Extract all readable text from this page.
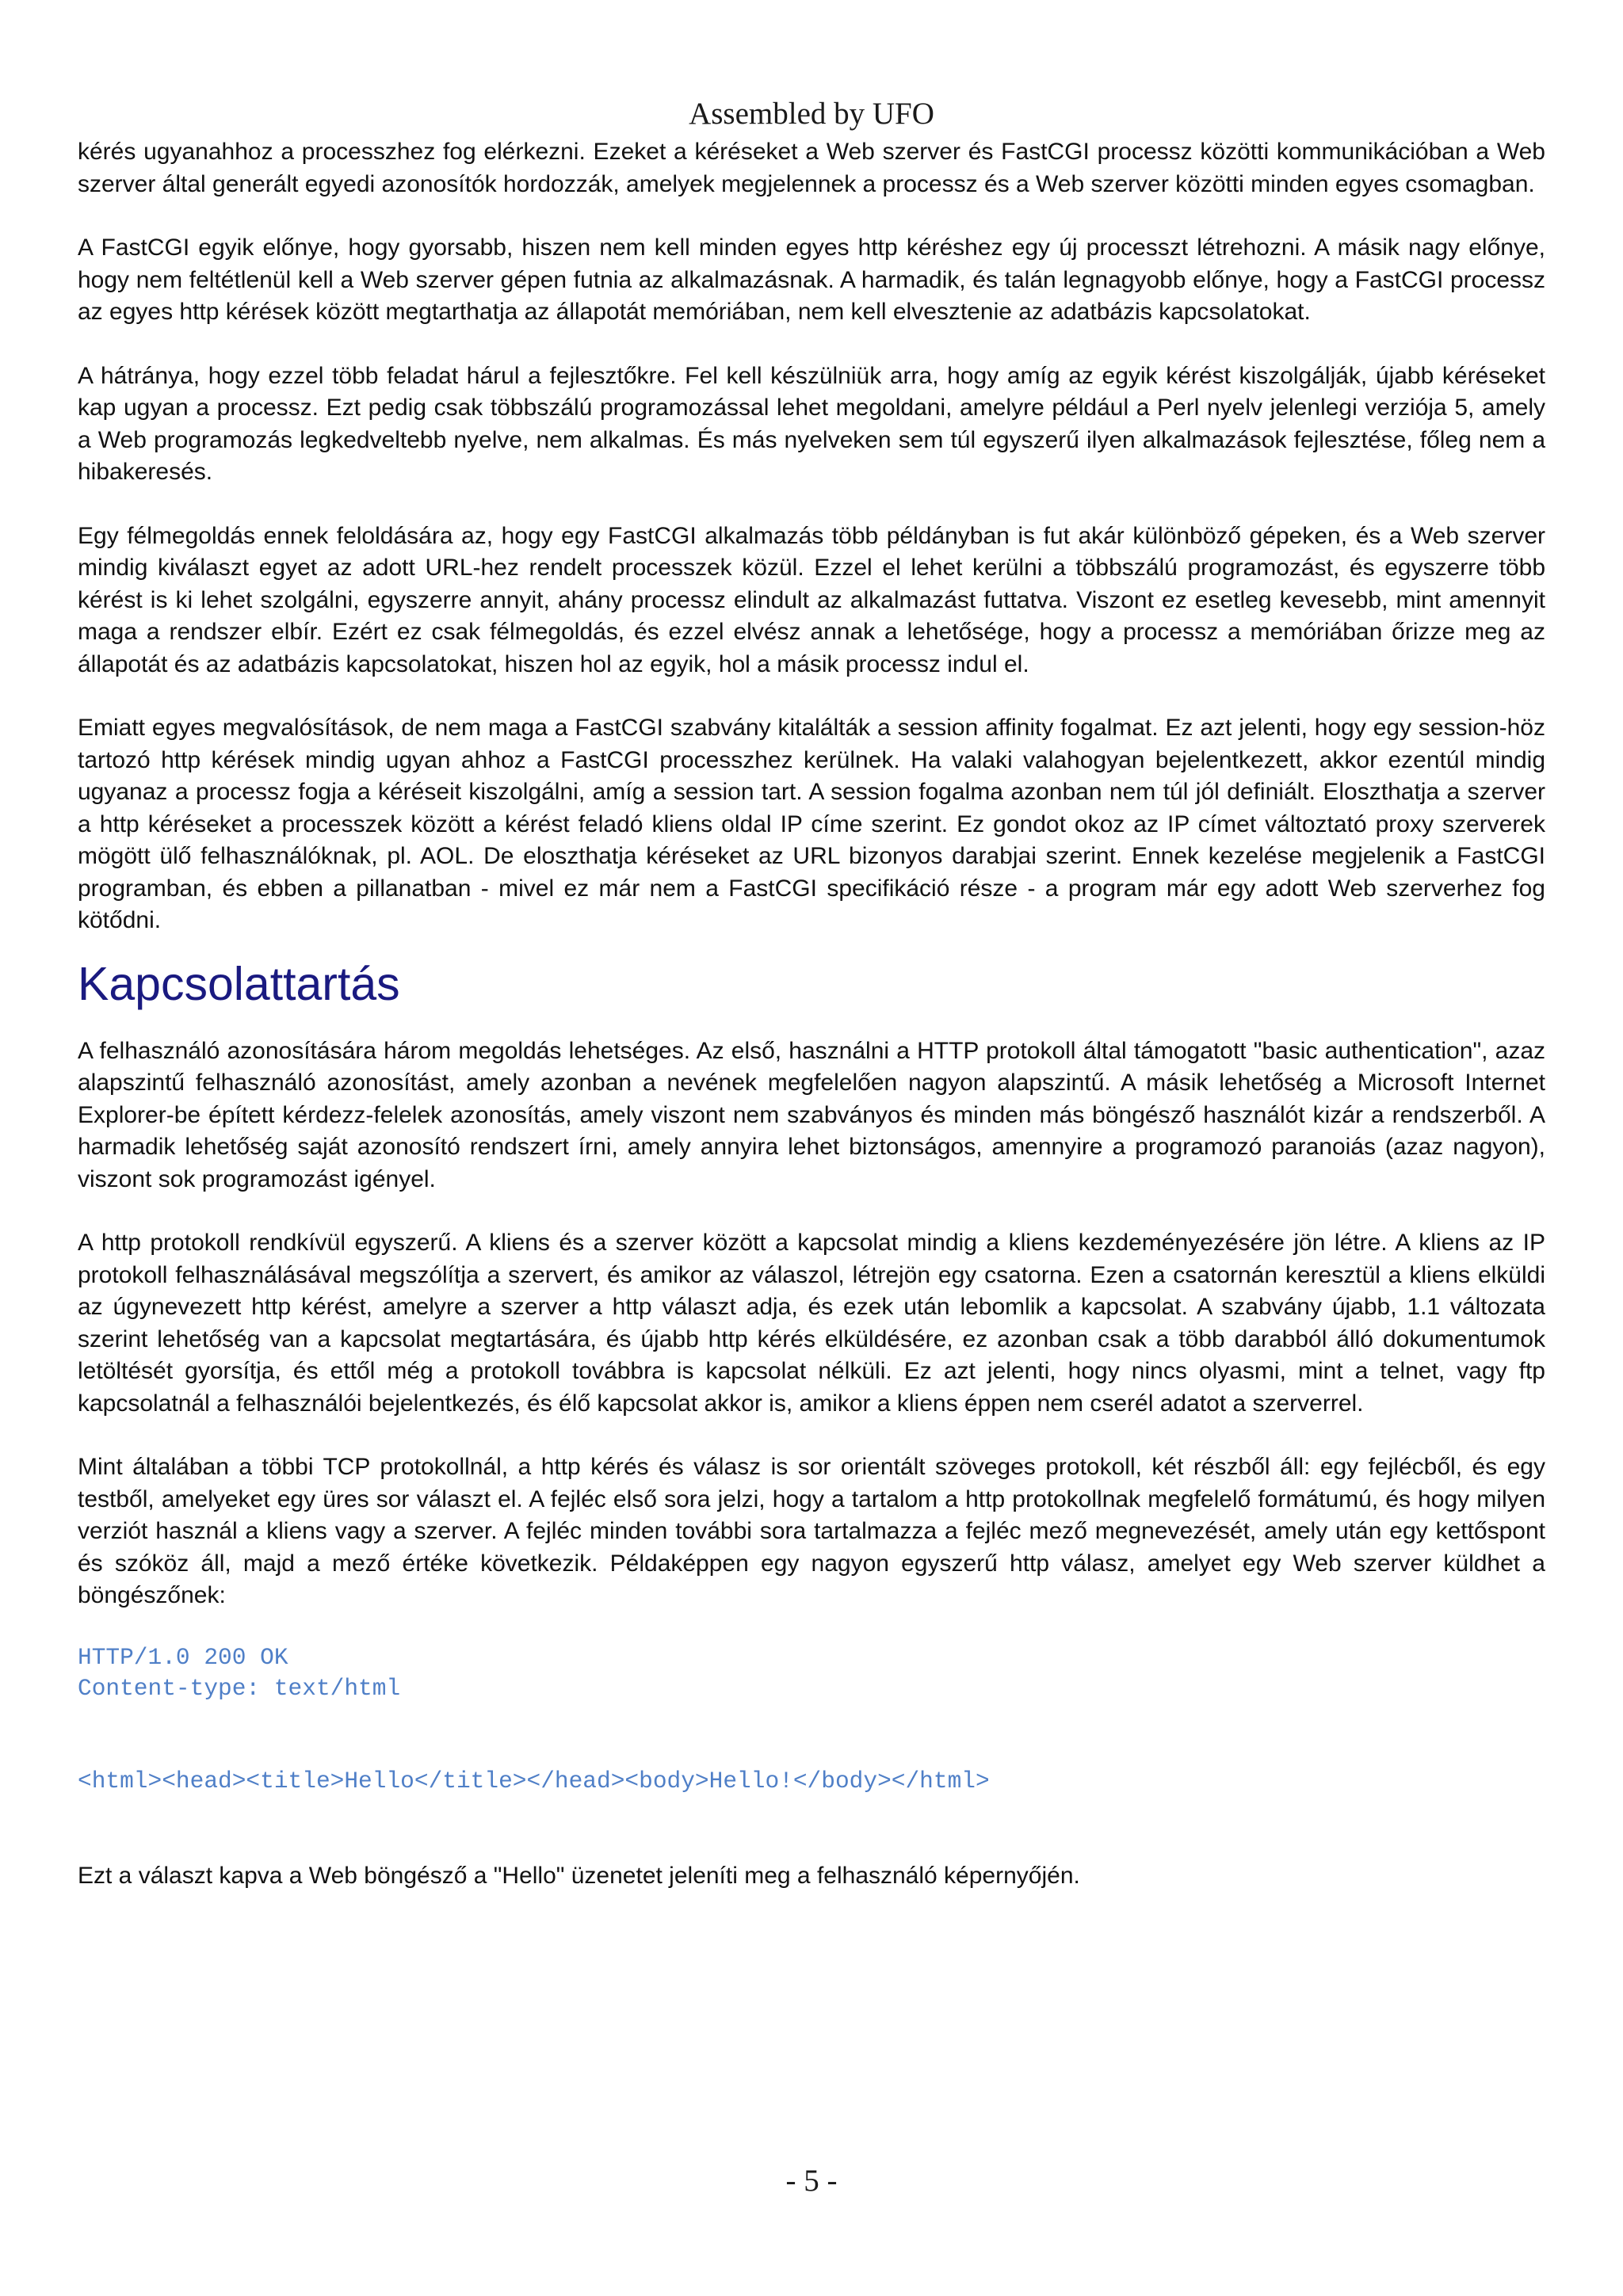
Assembled by UFO

kérés ugyanahhoz a processzhez fog elérkezni. Ezeket a kéréseket a Web szerver és FastCGI processz közötti kommunikációban a Web szerver által generált egyedi azonosítók hordozzák, amelyek megjelennek a processz és a Web szerver közötti minden egyes csomagban.

A FastCGI egyik előnye, hogy gyorsabb, hiszen nem kell minden egyes http kéréshez egy új processzt létrehozni. A másik nagy előnye, hogy nem feltétlenül kell a Web szerver gépen futnia az alkalmazásnak. A harmadik, és talán legnagyobb előnye, hogy a FastCGI processz az egyes http kérések között megtarthatja az állapotát memóriában, nem kell elvesztenie az adatbázis kapcsolatokat.

A hátránya, hogy ezzel több feladat hárul a fejlesztőkre. Fel kell készülniük arra, hogy amíg az egyik kérést kiszolgálják, újabb kéréseket kap ugyan a processz. Ezt pedig csak többszálú programozással lehet megoldani, amelyre például a Perl nyelv jelenlegi verziója 5, amely a Web programozás legkedveltebb nyelve, nem alkalmas. És más nyelveken sem túl egyszerű ilyen alkalmazások fejlesztése, főleg nem a hibakeresés.

Egy félmegoldás ennek feloldására az, hogy egy FastCGI alkalmazás több példányban is fut akár különböző gépeken, és a Web szerver mindig kiválaszt egyet az adott URL-hez rendelt processzek közül. Ezzel el lehet kerülni a többszálú programozást, és egyszerre több kérést is ki lehet szolgálni, egyszerre annyit, ahány processz elindult az alkalmazást futtatva. Viszont ez esetleg kevesebb, mint amennyit maga a rendszer elbír. Ezért ez csak félmegoldás, és ezzel elvész annak a lehetősége, hogy a processz a memóriában őrizze meg az állapotát és az adatbázis kapcsolatokat, hiszen hol az egyik, hol a másik processz indul el.

Emiatt egyes megvalósítások, de nem maga a FastCGI szabvány kitalálták a session affinity fogalmat. Ez azt jelenti, hogy egy session-höz tartozó http kérések mindig ugyan ahhoz a FastCGI processzhez kerülnek. Ha valaki valahogyan bejelentkezett, akkor ezentúl mindig ugyanaz a processz fogja a kéréseit kiszolgálni, amíg a session tart. A session fogalma azonban nem túl jól definiált. Eloszthatja a szerver a http kéréseket a processzek között a kérést feladó kliens oldal IP címe szerint. Ez gondot okoz az IP címet változtató proxy szerverek mögött ülő felhasználóknak, pl. AOL. De eloszthatja kéréseket az URL bizonyos darabjai szerint. Ennek kezelése megjelenik a FastCGI programban, és ebben a pillanatban - mivel ez már nem a FastCGI specifikáció része - a program már egy adott Web szerverhez fog kötődni.

Kapcsolattartás

A felhasználó azonosítására három megoldás lehetséges. Az első, használni a HTTP protokoll által támogatott "basic authentication", azaz alapszintű felhasználó azonosítást, amely azonban a nevének megfelelően nagyon alapszintű. A másik lehetőség a Microsoft Internet Explorer-be épített kérdezz-felelek azonosítás, amely viszont nem szabványos és minden más böngésző használót kizár a rendszerből. A harmadik lehetőség saját azonosító rendszert írni, amely annyira lehet biztonságos, amennyire a programozó paranoiás (azaz nagyon), viszont sok programozást igényel.

A http protokoll rendkívül egyszerű. A kliens és a szerver között a kapcsolat mindig a kliens kezdeményezésére jön létre. A kliens az IP protokoll felhasználásával megszólítja a szervert, és amikor az válaszol, létrejön egy csatorna. Ezen a csatornán keresztül a kliens elküldi az úgynevezett http kérést, amelyre a szerver a http választ adja, és ezek után lebomlik a kapcsolat. A szabvány újabb, 1.1 változata szerint lehetőség van a kapcsolat megtartására, és újabb http kérés elküldésére, ez azonban csak a több darabból álló dokumentumok letöltését gyorsítja, és ettől még a protokoll továbbra is kapcsolat nélküli. Ez azt jelenti, hogy nincs olyasmi, mint a telnet, vagy ftp kapcsolatnál a felhasználói bejelentkezés, és élő kapcsolat akkor is, amikor a kliens éppen nem cserél adatot a szerverrel.

Mint általában a többi TCP protokollnál, a http kérés és válasz is sor orientált szöveges protokoll, két részből áll: egy fejlécből, és egy testből, amelyeket egy üres sor választ el. A fejléc első sora jelzi, hogy a tartalom a http protokollnak megfelelő formátumú, és hogy milyen verziót használ a kliens vagy a szerver. A fejléc minden további sora tartalmazza a fejléc mező megnevezését, amely után egy kettőspont és szóköz áll, majd a mező értéke következik. Példaképpen egy nagyon egyszerű http válasz, amelyet egy Web szerver küldhet a böngészőnek:

HTTP/1.0 200 OK
Content-type: text/html
<html><head><title>Hello</title></head><body>Hello!</body></html>

Ezt a választ kapva a Web böngésző a "Hello" üzenetet jeleníti meg a felhasználó képernyőjén.

- 5 -
